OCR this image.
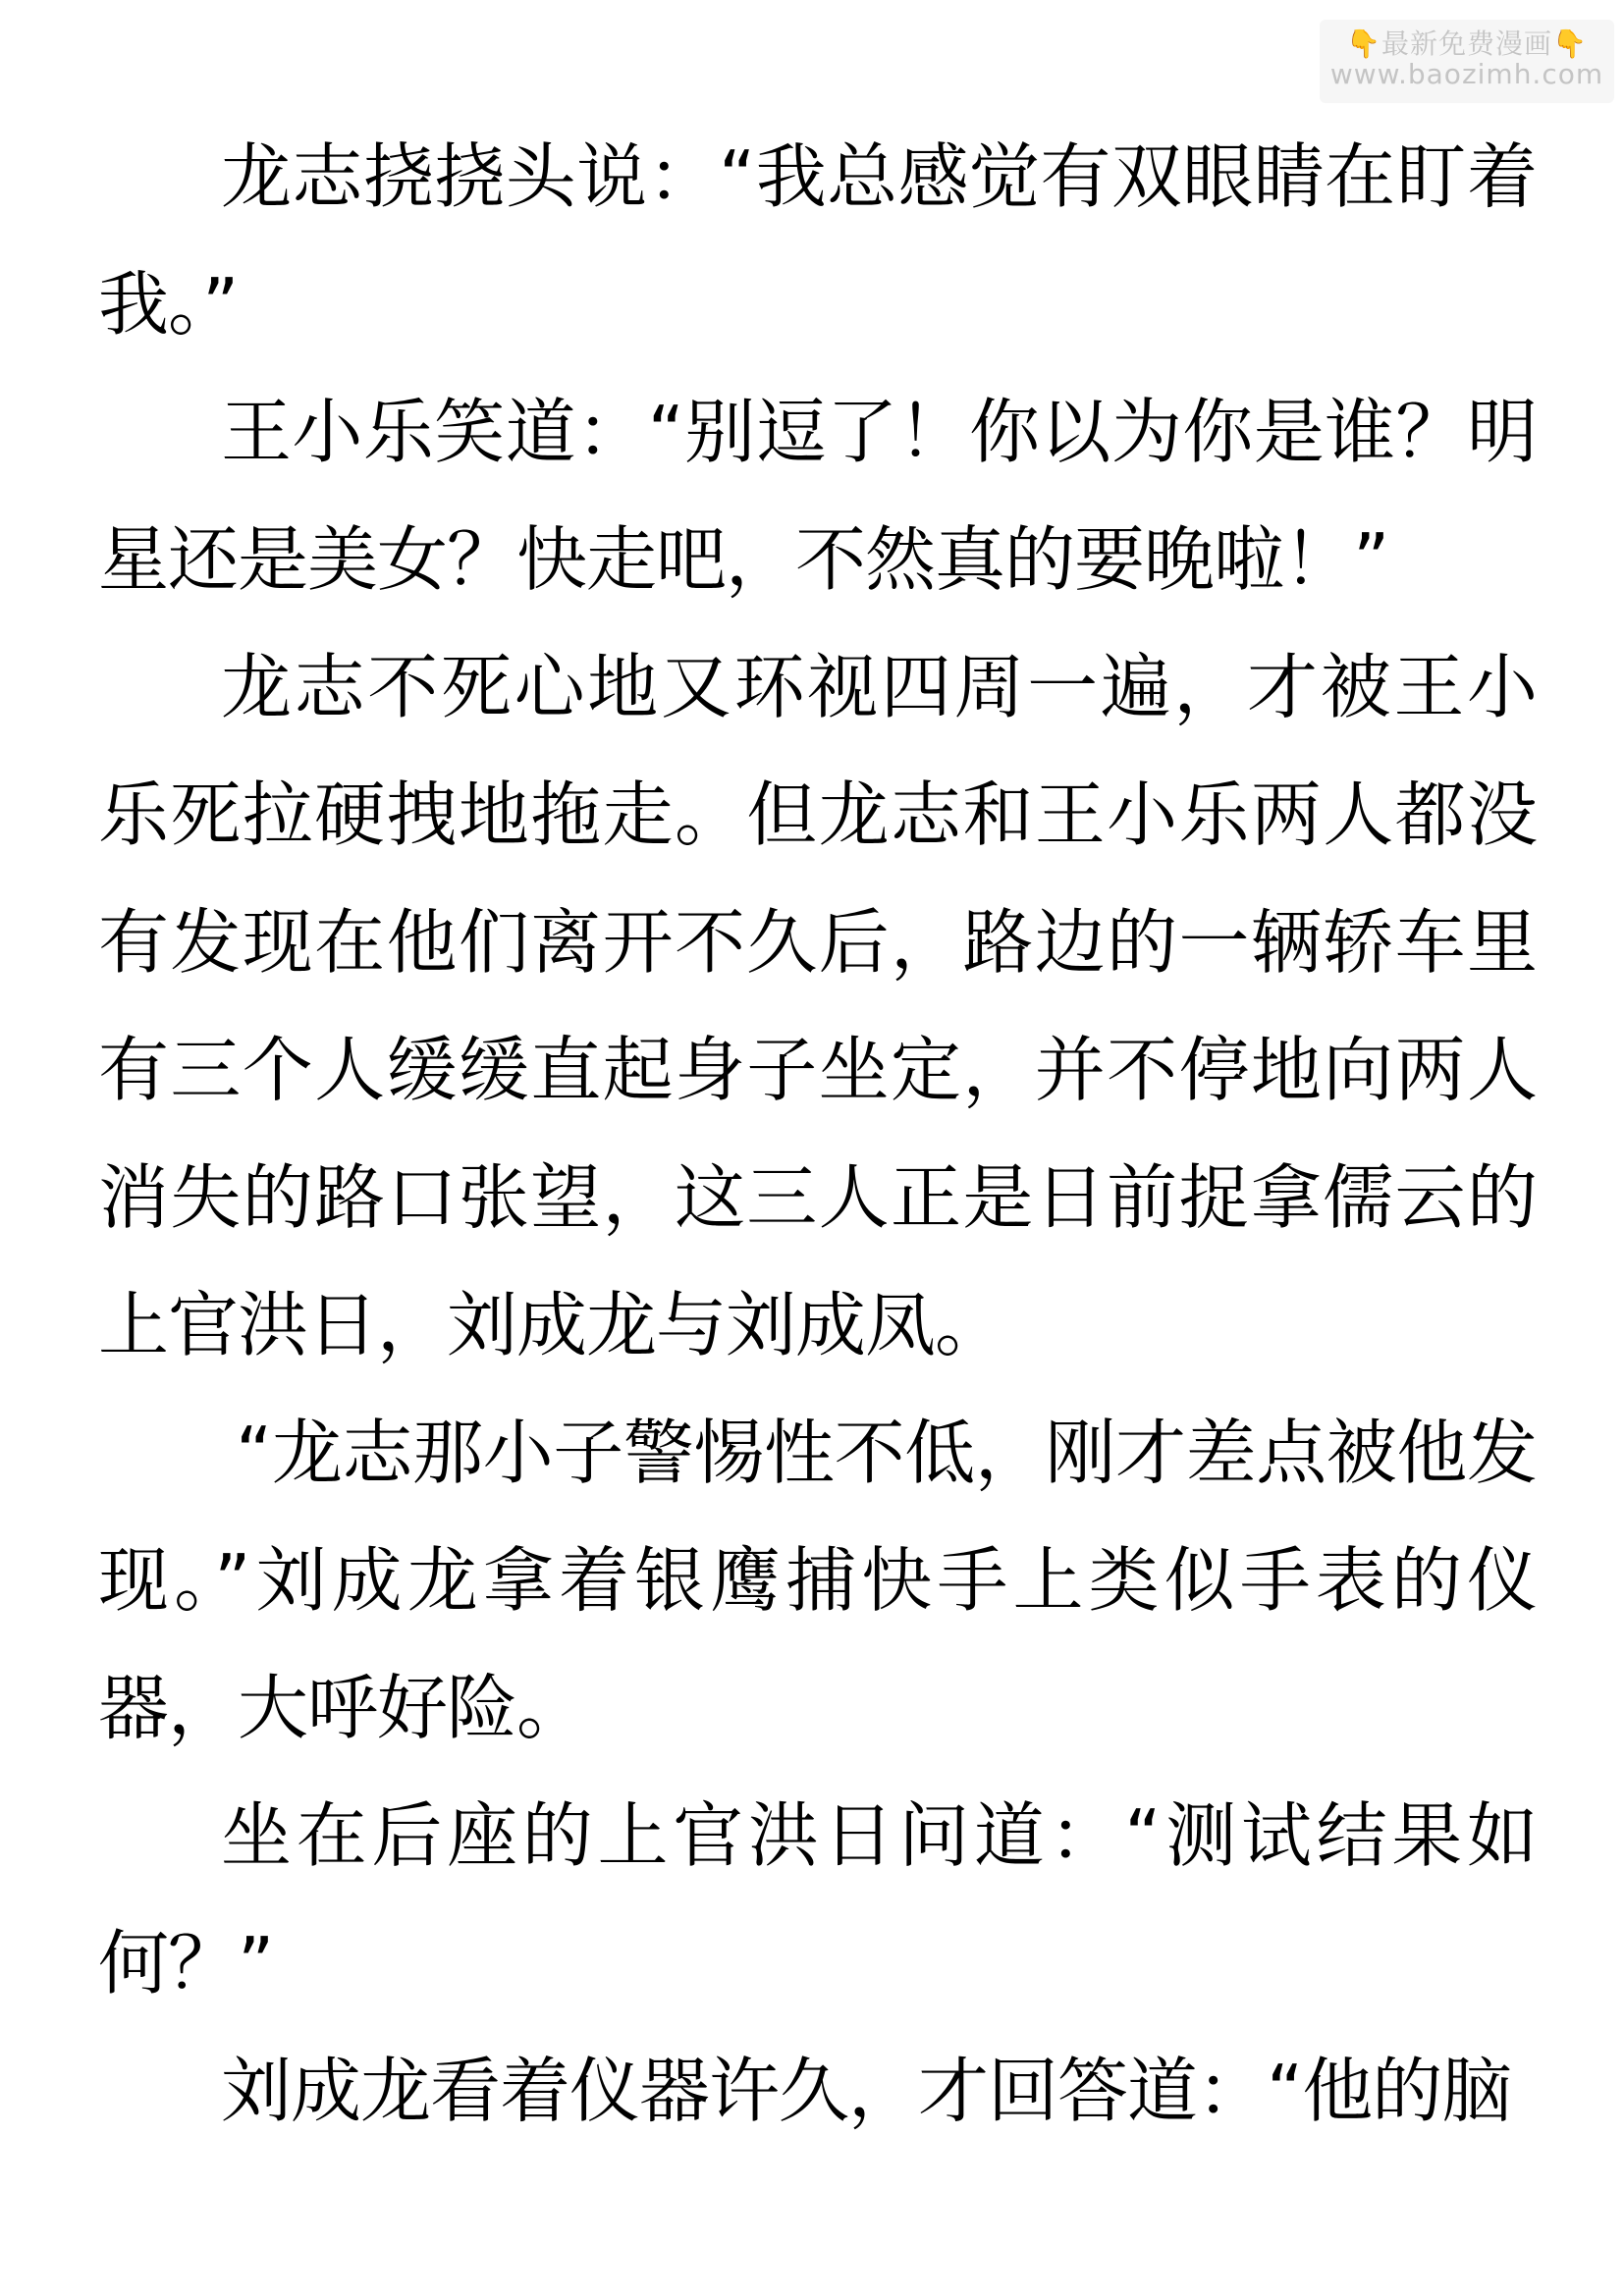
👇最新免费漫画👇
www.baozimh.com

龙志挠挠头说：“我总感觉有双眼睛在盯着我。”

王小乐笑道：“别逗了！你以为你是谁？明星还是美女？快走吧，不然真的要晚啦！”

龙志不死心地又环视四周一遍，才被王小乐死拉硬拽地拖走。但龙志和王小乐两人都没有发现在他们离开不久后，路边的一辆轿车里有三个人缓缓直起身子坐定，并不停地向两人消失的路口张望，这三人正是日前捉拿儒云的上官洪日，刘成龙与刘成凤。

“龙志那小子警惕性不低，刚才差点被他发现。”刘成龙拿着银鹰捕快手上类似手表的仪器，大呼好险。

坐在后座的上官洪日问道：“测试结果如何？”

刘成龙看着仪器许久，才回答道：“他的脑
